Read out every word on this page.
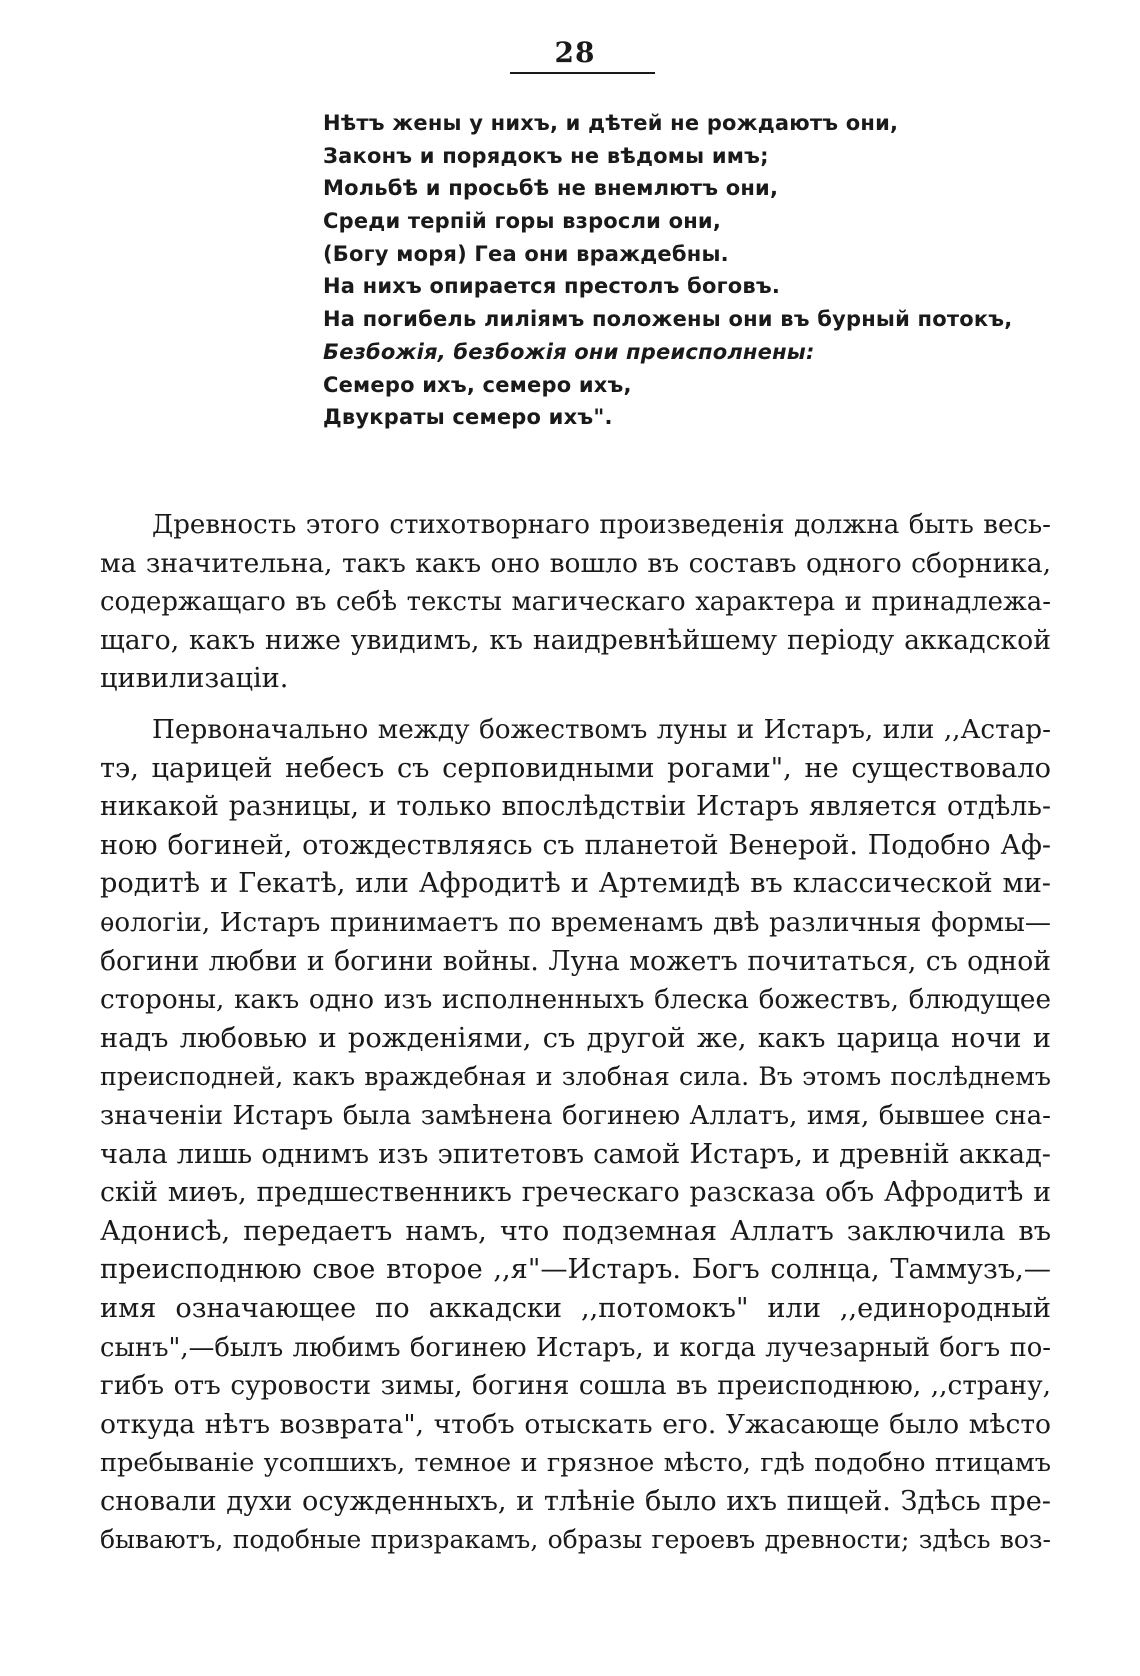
28
Нѣтъ жены у нихъ, и дѣтей не рождаютъ они,
Законъ и порядокъ не вѣдомы имъ;
Мольбѣ и просьбѣ не внемлютъ они,
Среди терпій горы взросли они,
(Богу моря) Геа они враждебны.
На нихъ опирается престолъ боговъ.
На погибель лиліямъ положены они въ бурный потокъ,
Безбожія, безбожія они преисполнены:
Семеро ихъ, семеро ихъ,
Двукраты семеро ихъ".
Древность этого стихотворнаго произведенія должна быть весь-
ма значительна, такъ какъ оно вошло въ составъ одного сборника,
содержащаго въ себѣ тексты магическаго характера и принадлежа-
щаго, какъ ниже увидимъ, къ наидревнѣйшему періоду аккадской
цивилизаціи.
Первоначально между божествомъ луны и Истаръ, или ,,Астар-
тэ, царицей небесъ съ серповидными рогами", не существовало
никакой разницы, и только впослѣдствіи Истаръ является отдѣль-
ною богиней, отождествляясь съ планетой Венерой. Подобно Аф-
родитѣ и Гекатѣ, или Афродитѣ и Артемидѣ въ классической ми-
ѳологіи, Истаръ принимаетъ по временамъ двѣ различныя формы—
богини любви и богини войны. Луна можетъ почитаться, съ одной
стороны, какъ одно изъ исполненныхъ блеска божествъ, блюдущее
надъ любовью и рожденіями, съ другой же, какъ царица ночи и
преисподней, какъ враждебная и злобная сила. Въ этомъ послѣднемъ
значеніи Истаръ была замѣнена богинею Аллатъ, имя, бывшее сна-
чала лишь однимъ изъ эпитетовъ самой Истаръ, и древній аккад-
скій миѳъ, предшественникъ греческаго разсказа объ Афродитѣ и
Адонисѣ, передаетъ намъ, что подземная Аллатъ заключила въ
преисподнюю свое второе ,,я"—Истаръ. Богъ солнца, Таммузъ,—
имя означающее по аккадски ,,потомокъ" или ,,единородный
сынъ",—былъ любимъ богинею Истаръ, и когда лучезарный богъ по-
гибъ отъ суровости зимы, богиня сошла въ преисподнюю, ,,страну,
откуда нѣтъ возврата", чтобъ отыскать его. Ужасающе было мѣсто
пребываніе усопшихъ, темное и грязное мѣсто, гдѣ подобно птицамъ
сновали духи осужденныхъ, и тлѣніе было ихъ пищей. Здѣсь пре-
бываютъ, подобные призракамъ, образы героевъ древности; здѣсь воз-
